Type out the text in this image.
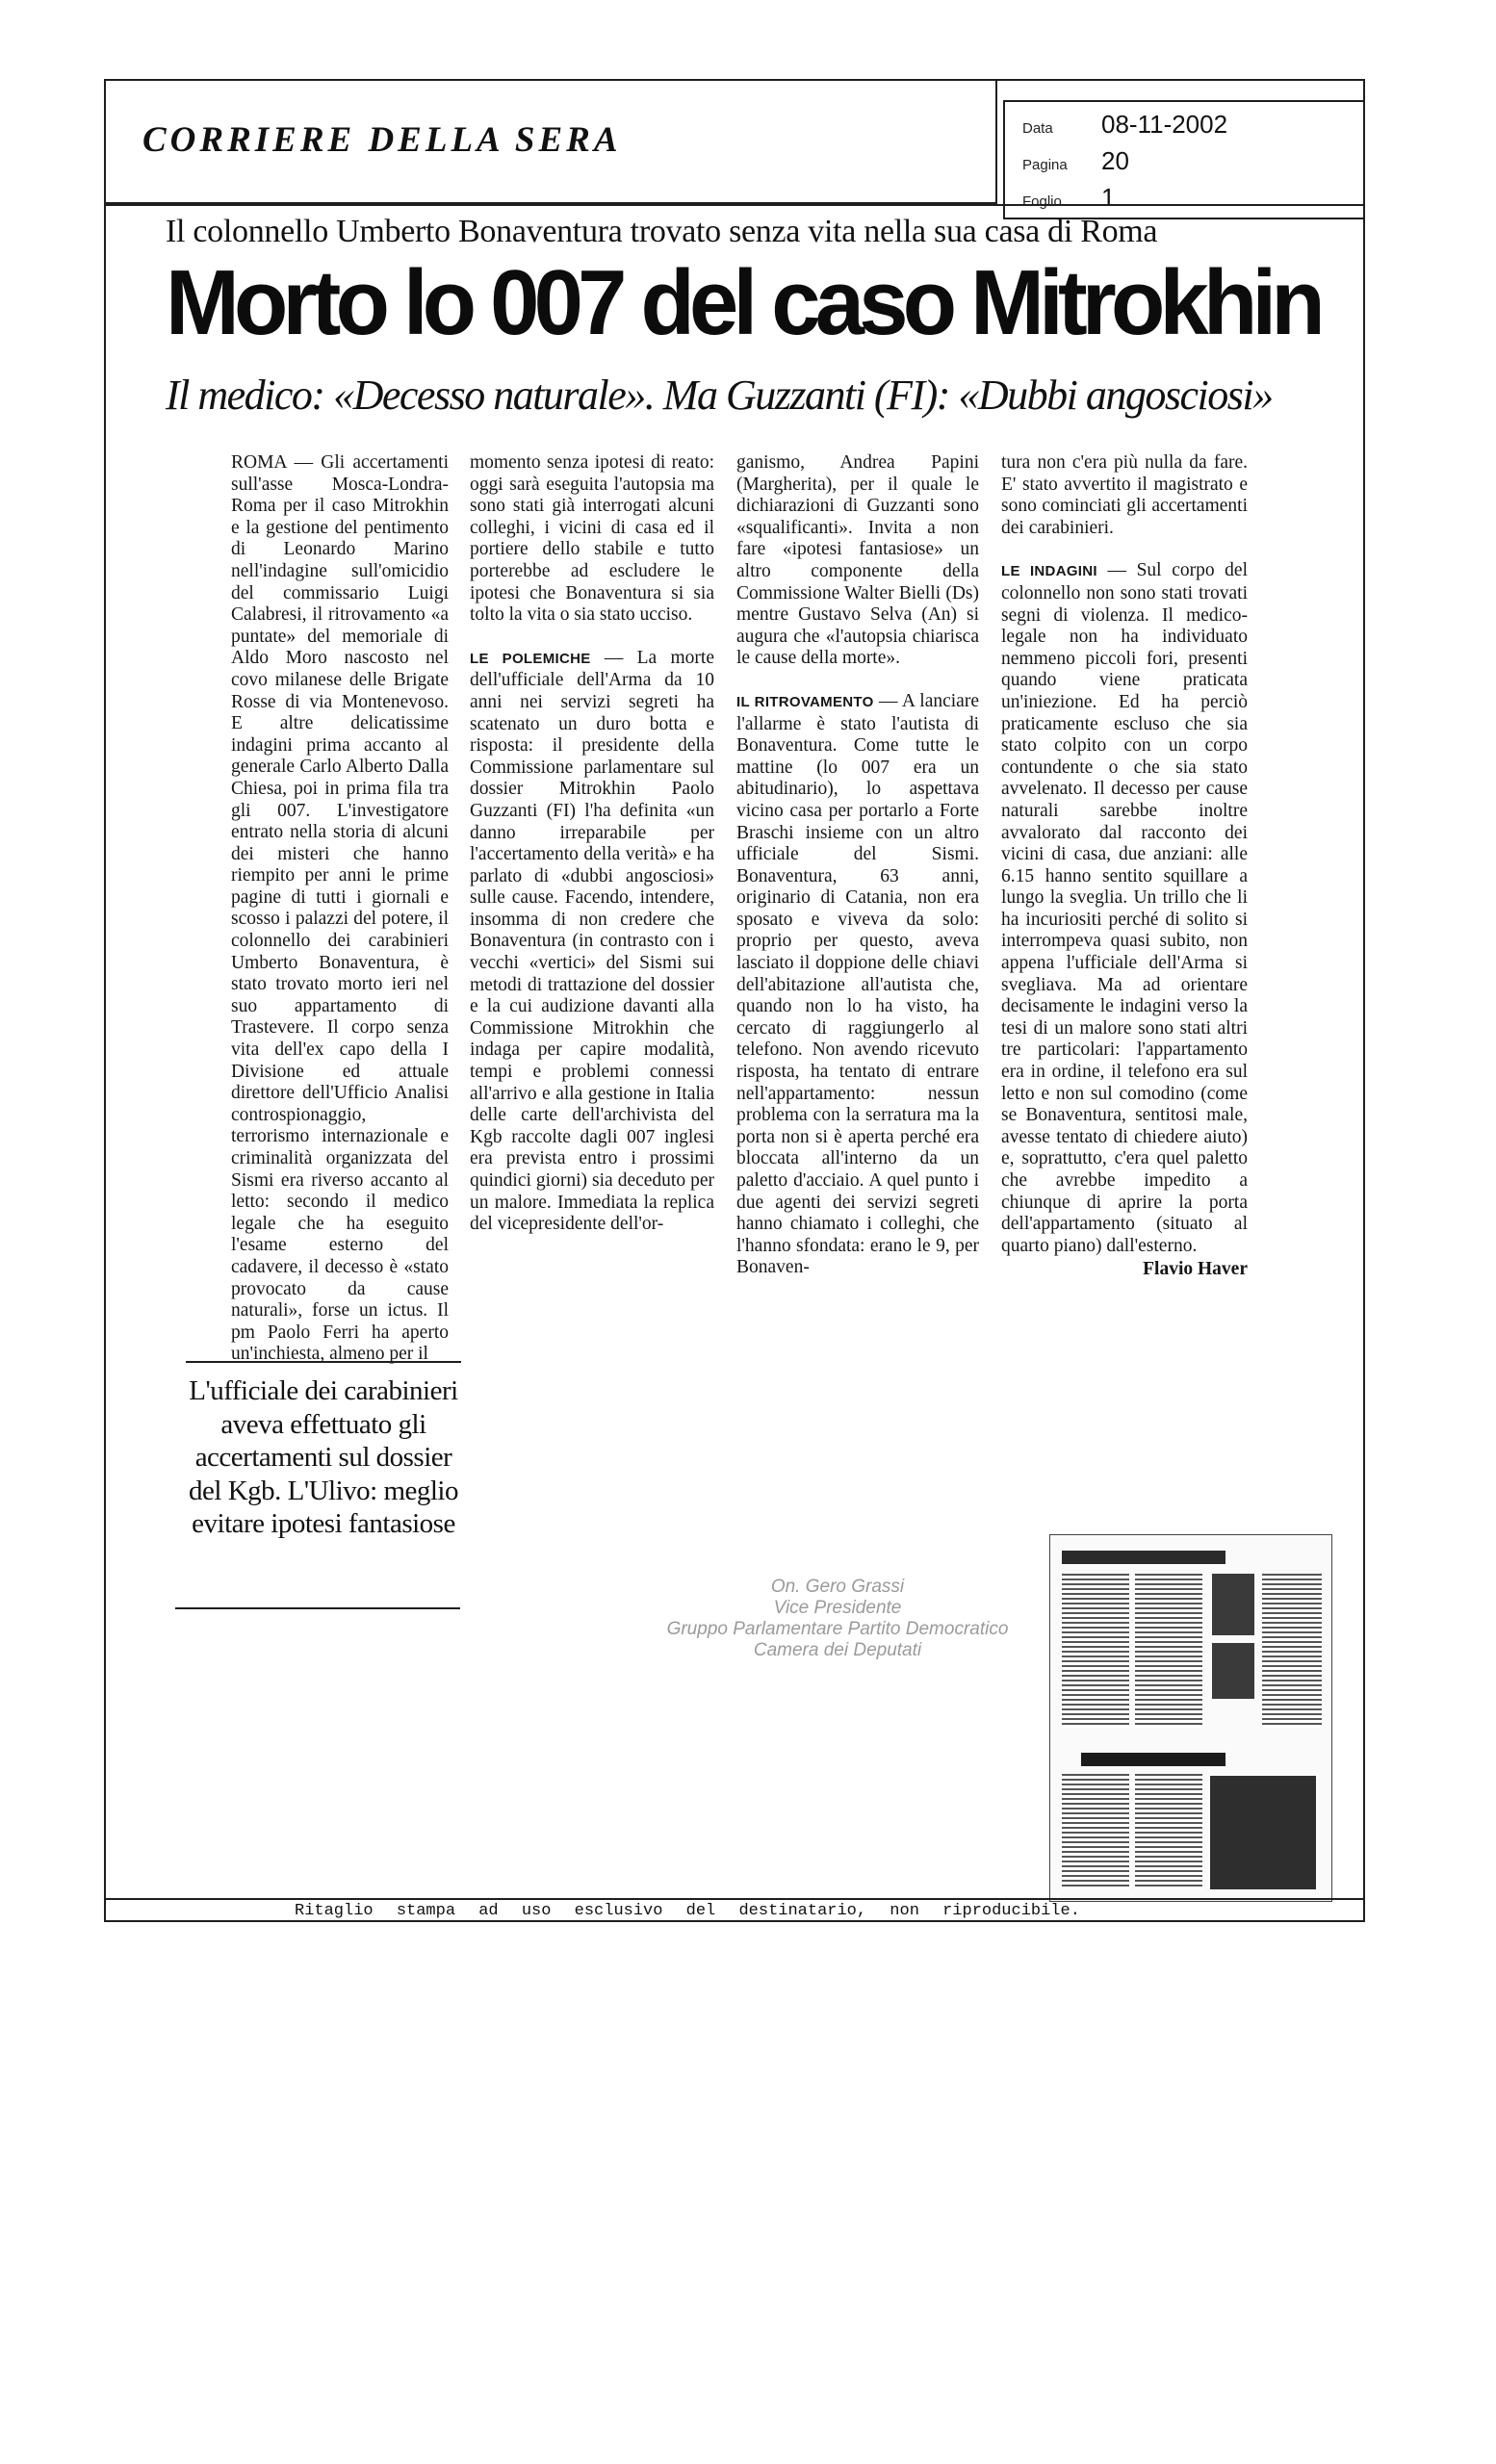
CORRIERE DELLA SERA	Data	08-11-2002
Pagina	20
Foglio	1
Il colonnello Umberto Bonaventura trovato senza vita nella sua casa di Roma
Morto lo 007 del caso Mitrokhin
Il medico: «Decesso naturale». Ma Guzzanti (FI): «Dubbi angosciosi»

ROMA — Gli accertamenti sull'asse Mosca-Londra-Roma per il caso Mitrokhin e la gestione del pentimento di Leonardo Marino nell'indagine sull'omicidio del commissario Luigi Calabresi, il ritrovamento «a puntate» del memoriale di Aldo Moro nascosto nel covo milanese delle Brigate Rosse di via Montenevoso. E altre delicatissime indagini prima accanto al generale Carlo Alberto Dalla Chiesa, poi in prima fila tra gli 007. L'investigatore entrato nella storia di alcuni dei misteri che hanno riempito per anni le prime pagine di tutti i giornali e scosso i palazzi del potere, il colonnello dei carabinieri Umberto Bonaventura, è stato trovato morto ieri nel suo appartamento di Trastevere. Il corpo senza vita dell'ex capo della I Divisione ed attuale direttore dell'Ufficio Analisi controspionaggio, terrorismo internazionale e criminalità organizzata del Sismi era riverso accanto al letto: secondo il medico legale che ha eseguito l'esame esterno del cadavere, il decesso è «stato provocato da cause naturali», forse un ictus. Il pm Paolo Ferri ha aperto un'inchiesta, almeno per il

momento senza ipotesi di reato: oggi sarà eseguita l'autopsia ma sono stati già interrogati alcuni colleghi, i vicini di casa ed il portiere dello stabile e tutto porterebbe ad escludere le ipotesi che Bonaventura si sia tolto la vita o sia stato ucciso.

LE POLEMICHE — La morte dell'ufficiale dell'Arma da 10 anni nei servizi segreti ha scatenato un duro botta e risposta: il presidente della Commissione parlamentare sul dossier Mitrokhin Paolo Guzzanti (FI) l'ha definita «un danno irreparabile per l'accertamento della verità» e ha parlato di «dubbi angosciosi» sulle cause. Facendo, intendere, insomma di non credere che Bonaventura (in contrasto con i vecchi «vertici» del Sismi sui metodi di trattazione del dossier e la cui audizione davanti alla Commissione Mitrokhin che indaga per capire modalità, tempi e problemi connessi all'arrivo e alla gestione in Italia delle carte dell'archivista del Kgb raccolte dagli 007 inglesi era prevista entro i prossimi quindici giorni) sia deceduto per un malore. Immediata la replica del vicepresidente dell'or-

ganismo, Andrea Papini (Margherita), per il quale le dichiarazioni di Guzzanti sono «squalificanti». Invita a non fare «ipotesi fantasiose» un altro componente della Commissione Walter Bielli (Ds) mentre Gustavo Selva (An) si augura che «l'autopsia chiarisca le cause della morte».

IL RITROVAMENTO — A lanciare l'allarme è stato l'autista di Bonaventura. Come tutte le mattine (lo 007 era un abitudinario), lo aspettava vicino casa per portarlo a Forte Braschi insieme con un altro ufficiale del Sismi. Bonaventura, 63 anni, originario di Catania, non era sposato e viveva da solo: proprio per questo, aveva lasciato il doppione delle chiavi dell'abitazione all'autista che, quando non lo ha visto, ha cercato di raggiungerlo al telefono. Non avendo ricevuto risposta, ha tentato di entrare nell'appartamento: nessun problema con la serratura ma la porta non si è aperta perché era bloccata all'interno da un paletto d'acciaio. A quel punto i due agenti dei servizi segreti hanno chiamato i colleghi, che l'hanno sfondata: erano le 9, per Bonaven-

tura non c'era più nulla da fare. E' stato avvertito il magistrato e sono cominciati gli accertamenti dei carabinieri.

LE INDAGINI — Sul corpo del colonnello non sono stati trovati segni di violenza. Il medico-legale non ha individuato nemmeno piccoli fori, presenti quando viene praticata un'iniezione. Ed ha perciò praticamente escluso che sia stato colpito con un corpo contundente o che sia stato avvelenato. Il decesso per cause naturali sarebbe inoltre avvalorato dal racconto dei vicini di casa, due anziani: alle 6.15 hanno sentito squillare a lungo la sveglia. Un trillo che li ha incuriositi perché di solito si interrompeva quasi subito, non appena l'ufficiale dell'Arma si svegliava. Ma ad orientare decisamente le indagini verso la tesi di un malore sono stati altri tre particolari: l'appartamento era in ordine, il telefono era sul letto e non sul comodino (come se Bonaventura, sentitosi male, avesse tentato di chiedere aiuto) e, soprattutto, c'era quel paletto che avrebbe impedito a chiunque di aprire la porta dell'appartamento (situato al quarto piano) dall'esterno.

Flavio Haver
L'ufficiale dei carabinieri aveva effettuato gli accertamenti sul dossier del Kgb. L'Ulivo: meglio evitare ipotesi fantasiose
On. Gero Grassi
Vice Presidente
Gruppo Parlamentare Partito Democratico
Camera dei Deputati
Ritaglio stampa ad uso esclusivo del destinatario, non riproducibile.
